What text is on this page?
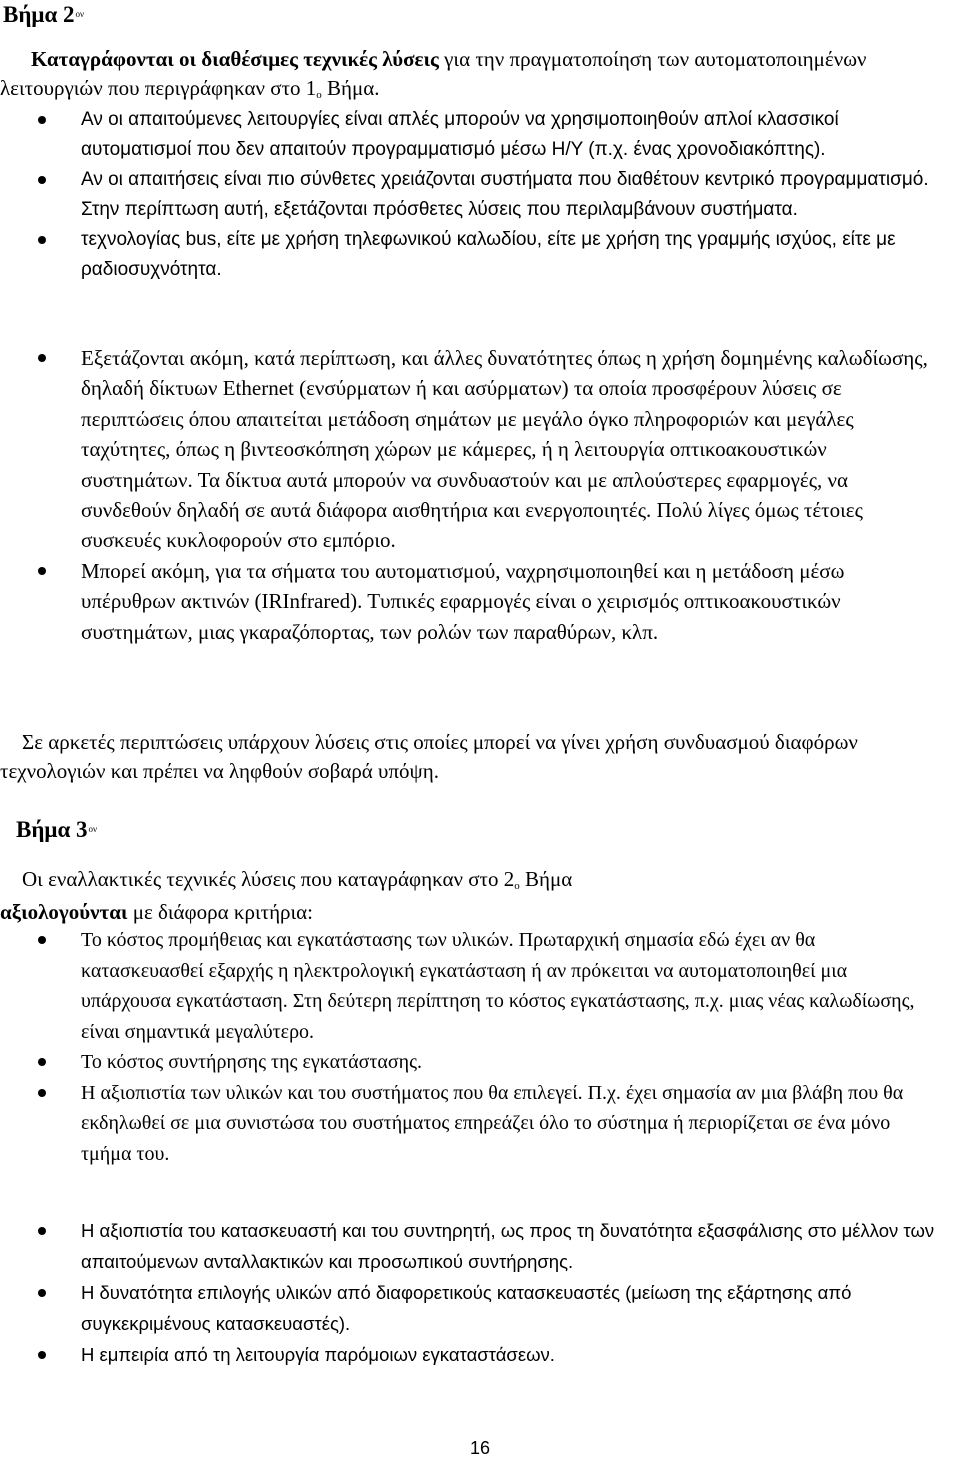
Βήμα $2^{o\nu}$

Καταγράφονται οι διαθέσιμες τεχνικές λύσεις για την πραγματοποίηση των αυτοματοποιημένων λειτουργιών που περιγράφηκαν στο 1ο Βήμα.

Αν οι απαιτούμενες λειτουργίες είναι απλές μπορούν να χρησιμοποιηθούν απλοί κλασσικοί αυτοματισμοί που δεν απαιτούν προγραμματισμό μέσω Η/Υ (π.χ. ένας χρονοδιακόπτης).
Αν οι απαιτήσεις είναι πιο σύνθετες χρειάζονται συστήματα που διαθέτουν κεντρικό προγραμματισμό. Στην περίπτωση αυτή, εξετάζονται πρόσθετες λύσεις που περιλαμβάνουν συστήματα.
τεχνολογίας bus, είτε με χρήση τηλεφωνικού καλωδίου, είτε με χρήση της γραμμής ισχύος, είτε με ραδιοσυχνότητα.
Εξετάζονται ακόμη, κατά περίπτωση, και άλλες δυνατότητες όπως η χρήση δομημένης καλωδίωσης, δηλαδή δίκτυων Ethernet (ενσύρματων ή και ασύρματων) τα οποία προσφέρουν λύσεις σε περιπτώσεις όπου απαιτείται μετάδοση σημάτων με μεγάλο όγκο πληροφοριών και μεγάλες ταχύτητες, όπως η βιντεοσκόπηση χώρων με κάμερες, ή η λειτουργία οπτικοακουστικών συστημάτων. Τα δίκτυα αυτά μπορούν να συνδυαστούν και με απλούστερες εφαρμογές, να συνδεθούν δηλαδή σε αυτά διάφορα αισθητήρια και ενεργοποιητές. Πολύ λίγες όμως τέτοιες συσκευές κυκλοφορούν στο εμπόριο.
Μπορεί ακόμη, για τα σήματα του αυτοματισμού, ναχρησιμοποιηθεί και η μετάδοση μέσω υπέρυθρων ακτινών (IRInfrared). Τυπικές εφαρμογές είναι ο χειρισμός οπτικοακουστικών συστημάτων, μιας γκαραζόπορτας, των ρολών των παραθύρων, κλπ.

Σε αρκετές περιπτώσεις υπάρχουν λύσεις στις οποίες μπορεί να γίνει χρήση συνδυασμού διαφόρων τεχνολογιών και πρέπει να ληφθούν σοβαρά υπόψη.

Βήμα $3^{o\nu}$

Οι εναλλακτικές τεχνικές λύσεις που καταγράφηκαν στο 2ο Βήμα
αξιολογούνται με διάφορα κριτήρια:

Το κόστος προμήθειας και εγκατάστασης των υλικών. Πρωταρχική σημασία εδώ έχει αν θα κατασκευασθεί εξαρχής η ηλεκτρολογική εγκατάσταση ή αν πρόκειται να αυτοματοποιηθεί μια υπάρχουσα εγκατάσταση. Στη δεύτερη περίπτηση το κόστος εγκατάστασης, π.χ. μιας νέας καλωδίωσης, είναι σημαντικά μεγαλύτερο.
Το κόστος συντήρησης της εγκατάστασης.
Η αξιοπιστία των υλικών και του συστήματος που θα επιλεγεί. Π.χ. έχει σημασία αν μια βλάβη που θα εκδηλωθεί σε μια συνιστώσα του συστήματος επηρεάζει όλο το σύστημα ή περιορίζεται σε ένα μόνο τμήμα του.
Η αξιοπιστία του κατασκευαστή και του συντηρητή, ως προς τη δυνατότητα εξασφάλισης στο μέλλον των απαιτούμενων ανταλλακτικών και προσωπικού συντήρησης.
Η δυνατότητα επιλογής υλικών από διαφορετικούς κατασκευαστές (μείωση της εξάρτησης από συγκεκριμένους κατασκευαστές).
Η εμπειρία από τη λειτουργία παρόμοιων εγκαταστάσεων.
16
